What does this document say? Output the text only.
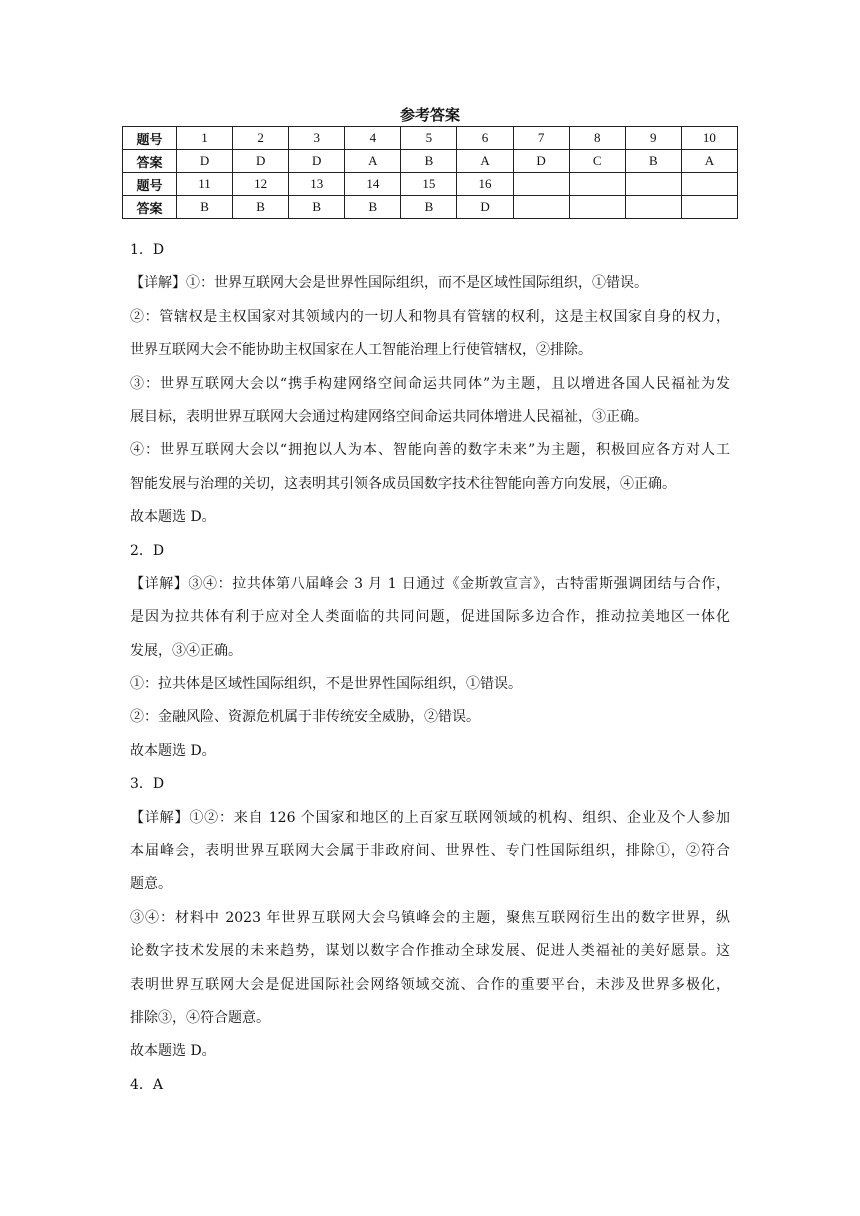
参考答案
题号	1	2	3	4	5	6	7	8	9	10
答案	D	D	D	A	B	A	D	C	B	A
题号	11	12	13	14	15	16				
答案	B	B	B	B	B	D				
1．D
【详解】①：世界互联网大会是世界性国际组织，而不是区域性国际组织，①错误。
②：管辖权是主权国家对其领域内的一切人和物具有管辖的权利，这是主权国家自身的权力，
世界互联网大会不能协助主权国家在人工智能治理上行使管辖权，②排除。
③：世界互联网大会以“携手构建网络空间命运共同体”为主题，且以增进各国人民福祉为发
展目标，表明世界互联网大会通过构建网络空间命运共同体增进人民福祉，③正确。
④：世界互联网大会以“拥抱以人为本、智能向善的数字未来”为主题，积极回应各方对人工
智能发展与治理的关切，这表明其引领各成员国数字技术往智能向善方向发展，④正确。
故本题选 D。
2．D
【详解】③④：拉共体第八届峰会 3 月 1 日通过《金斯敦宣言》，古特雷斯强调团结与合作，
是因为拉共体有利于应对全人类面临的共同问题，促进国际多边合作，推动拉美地区一体化
发展，③④正确。
①：拉共体是区域性国际组织，不是世界性国际组织，①错误。
②：金融风险、资源危机属于非传统安全威胁，②错误。
故本题选 D。
3．D
【详解】①②：来自 126 个国家和地区的上百家互联网领域的机构、组织、企业及个人参加
本届峰会，表明世界互联网大会属于非政府间、世界性、专门性国际组织，排除①，②符合
题意。
③④：材料中 2023 年世界互联网大会乌镇峰会的主题，聚焦互联网衍生出的数字世界，纵
论数字技术发展的未来趋势，谋划以数字合作推动全球发展、促进人类福祉的美好愿景。这
表明世界互联网大会是促进国际社会网络领域交流、合作的重要平台，未涉及世界多极化，
排除③，④符合题意。
故本题选 D。
4．A
